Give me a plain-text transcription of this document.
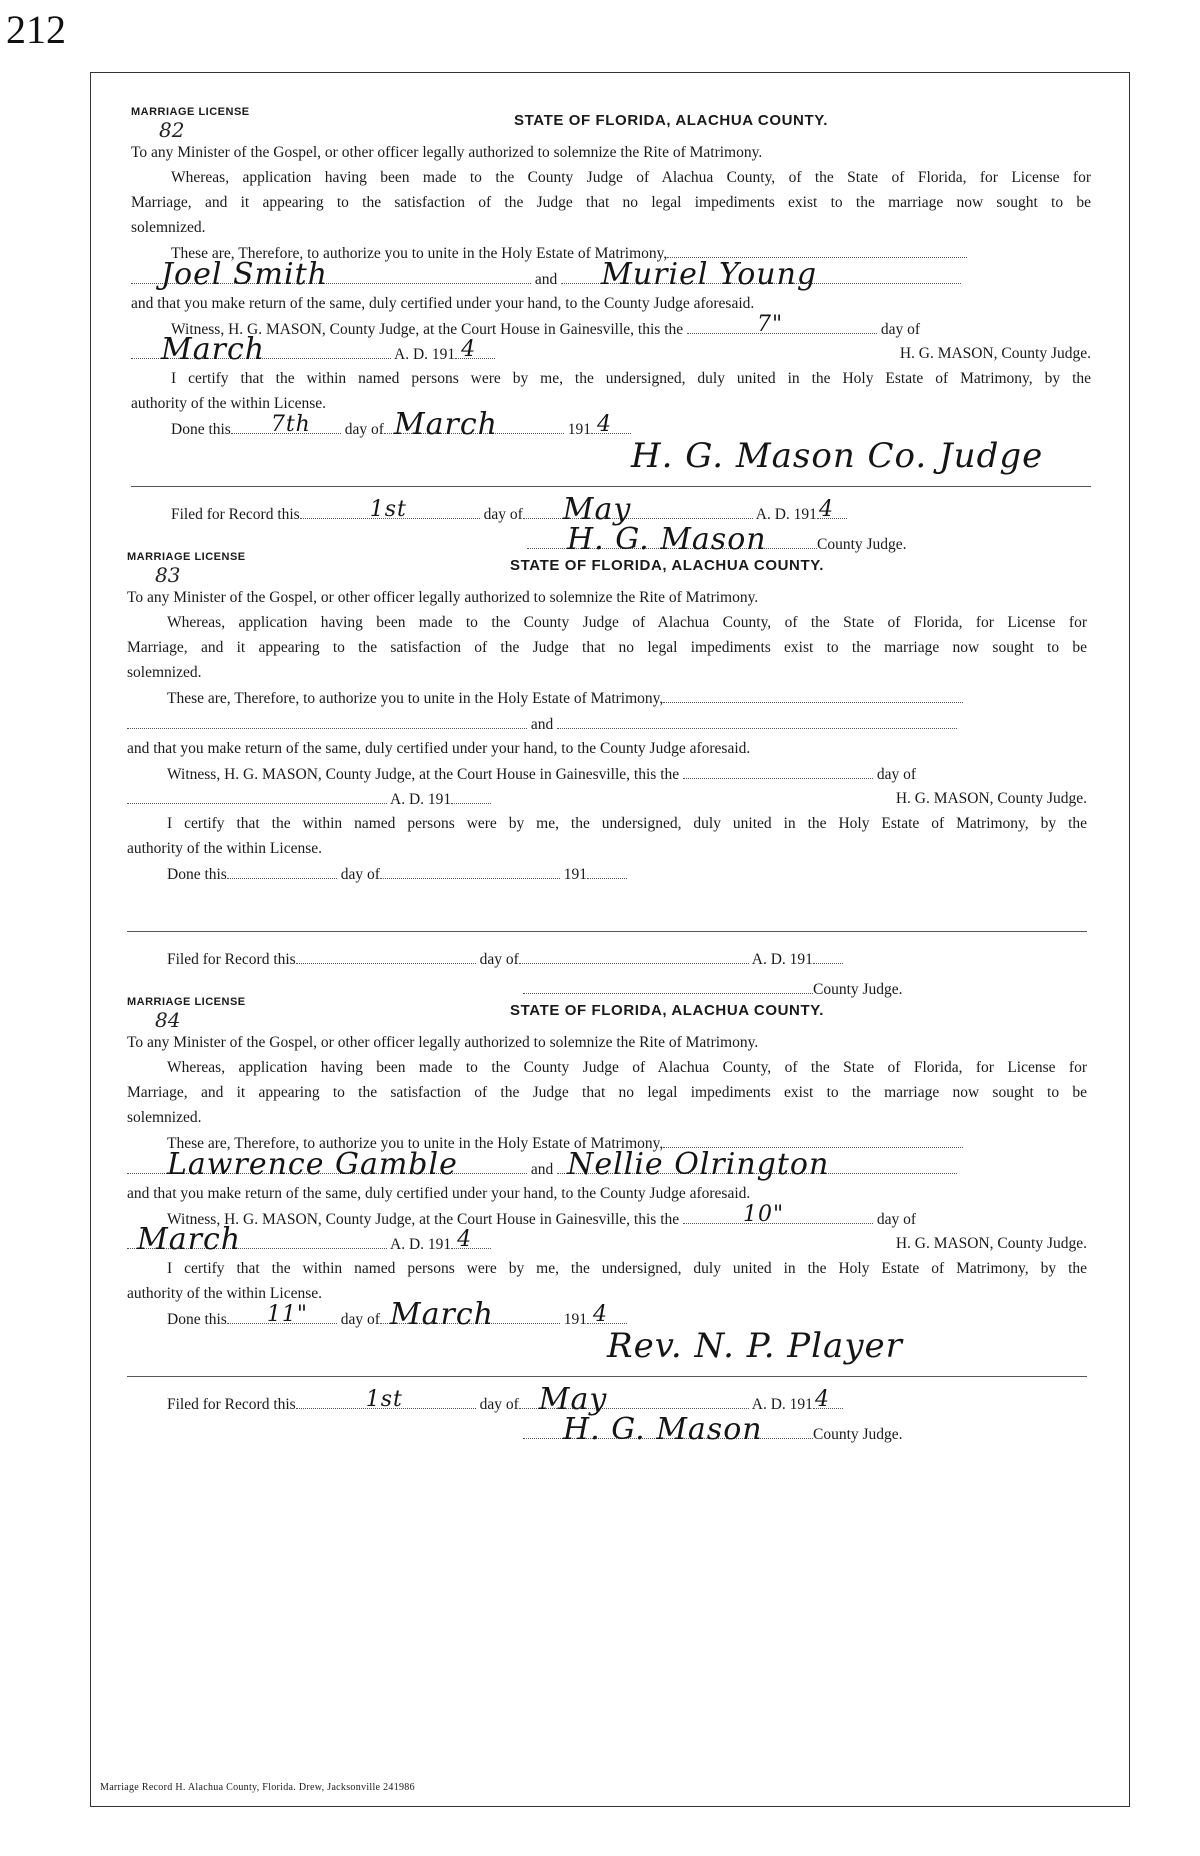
212
MARRIAGE LICENSE
82	STATE OF FLORIDA, ALACHUA COUNTY.
To any Minister of the Gospel, or other officer legally authorized to solemnize the Rite of Matrimony.
Whereas, application having been made to the County Judge of Alachua County, of the State of Florida, for License for
Marriage, and it appearing to the satisfaction of the Judge that no legal impediments exist to the marriage now sought to be
solemnized.
These are, Therefore, to authorize you to unite in the Holy Estate of Matrimony,
Joel Smith	and Muriel Young
and that you make return of the same, duly certified under your hand, to the County Judge aforesaid.
Witness, H. G. MASON, County Judge, at the Court House in Gainesville, this the	7"	day of
March	A. D. 191 4	H. G. MASON, County Judge.
I certify that the within named persons were by me, the undersigned, duly united in the Holy Estate of Matrimony, by the
authority of the within License.
Done this 7th day of March	191 4
H. G. Mason Co. Judge
Filed for Record this	1st	day of May	A. D. 191 4
H. G. Mason	County Judge.
MARRIAGE LICENSE
83	STATE OF FLORIDA, ALACHUA COUNTY.
To any Minister of the Gospel, or other officer legally authorized to solemnize the Rite of Matrimony.
Whereas, application having been made to the County Judge of Alachua County, of the State of Florida, for License for
Marriage, and it appearing to the satisfaction of the Judge that no legal impediments exist to the marriage now sought to be
solemnized.
These are, Therefore, to authorize you to unite in the Holy Estate of Matrimony,
and
and that you make return of the same, duly certified under your hand, to the County Judge aforesaid.
Witness, H. G. MASON, County Judge, at the Court House in Gainesville, this the	day of
A. D. 191	H. G. MASON, County Judge.
I certify that the within named persons were by me, the undersigned, duly united in the Holy Estate of Matrimony, by the
authority of the within License.
Done this	day of	191
Filed for Record this	day of	A. D. 191
County Judge.
MARRIAGE LICENSE
84	STATE OF FLORIDA, ALACHUA COUNTY.
To any Minister of the Gospel, or other officer legally authorized to solemnize the Rite of Matrimony.
Whereas, application having been made to the County Judge of Alachua County, of the State of Florida, for License for
Marriage, and it appearing to the satisfaction of the Judge that no legal impediments exist to the marriage now sought to be
solemnized.
These are, Therefore, to authorize you to unite in the Holy Estate of Matrimony,
Lawrence Gamble	and Nellie Olrington
and that you make return of the same, duly certified under your hand, to the County Judge aforesaid.
Witness, H. G. MASON, County Judge, at the Court House in Gainesville, this the	10"	day of
March	A. D. 191 4	H. G. MASON, County Judge.
I certify that the within named persons were by me, the undersigned, duly united in the Holy Estate of Matrimony, by the
authority of the within License.
Done this 11" day of March	191 4
Rev. N. P. Player
Filed for Record this	1st	day of May	A. D. 191 4
H. G. Mason	County Judge.
Marriage Record H. Alachua County, Florida. Drew, Jacksonville 241986
